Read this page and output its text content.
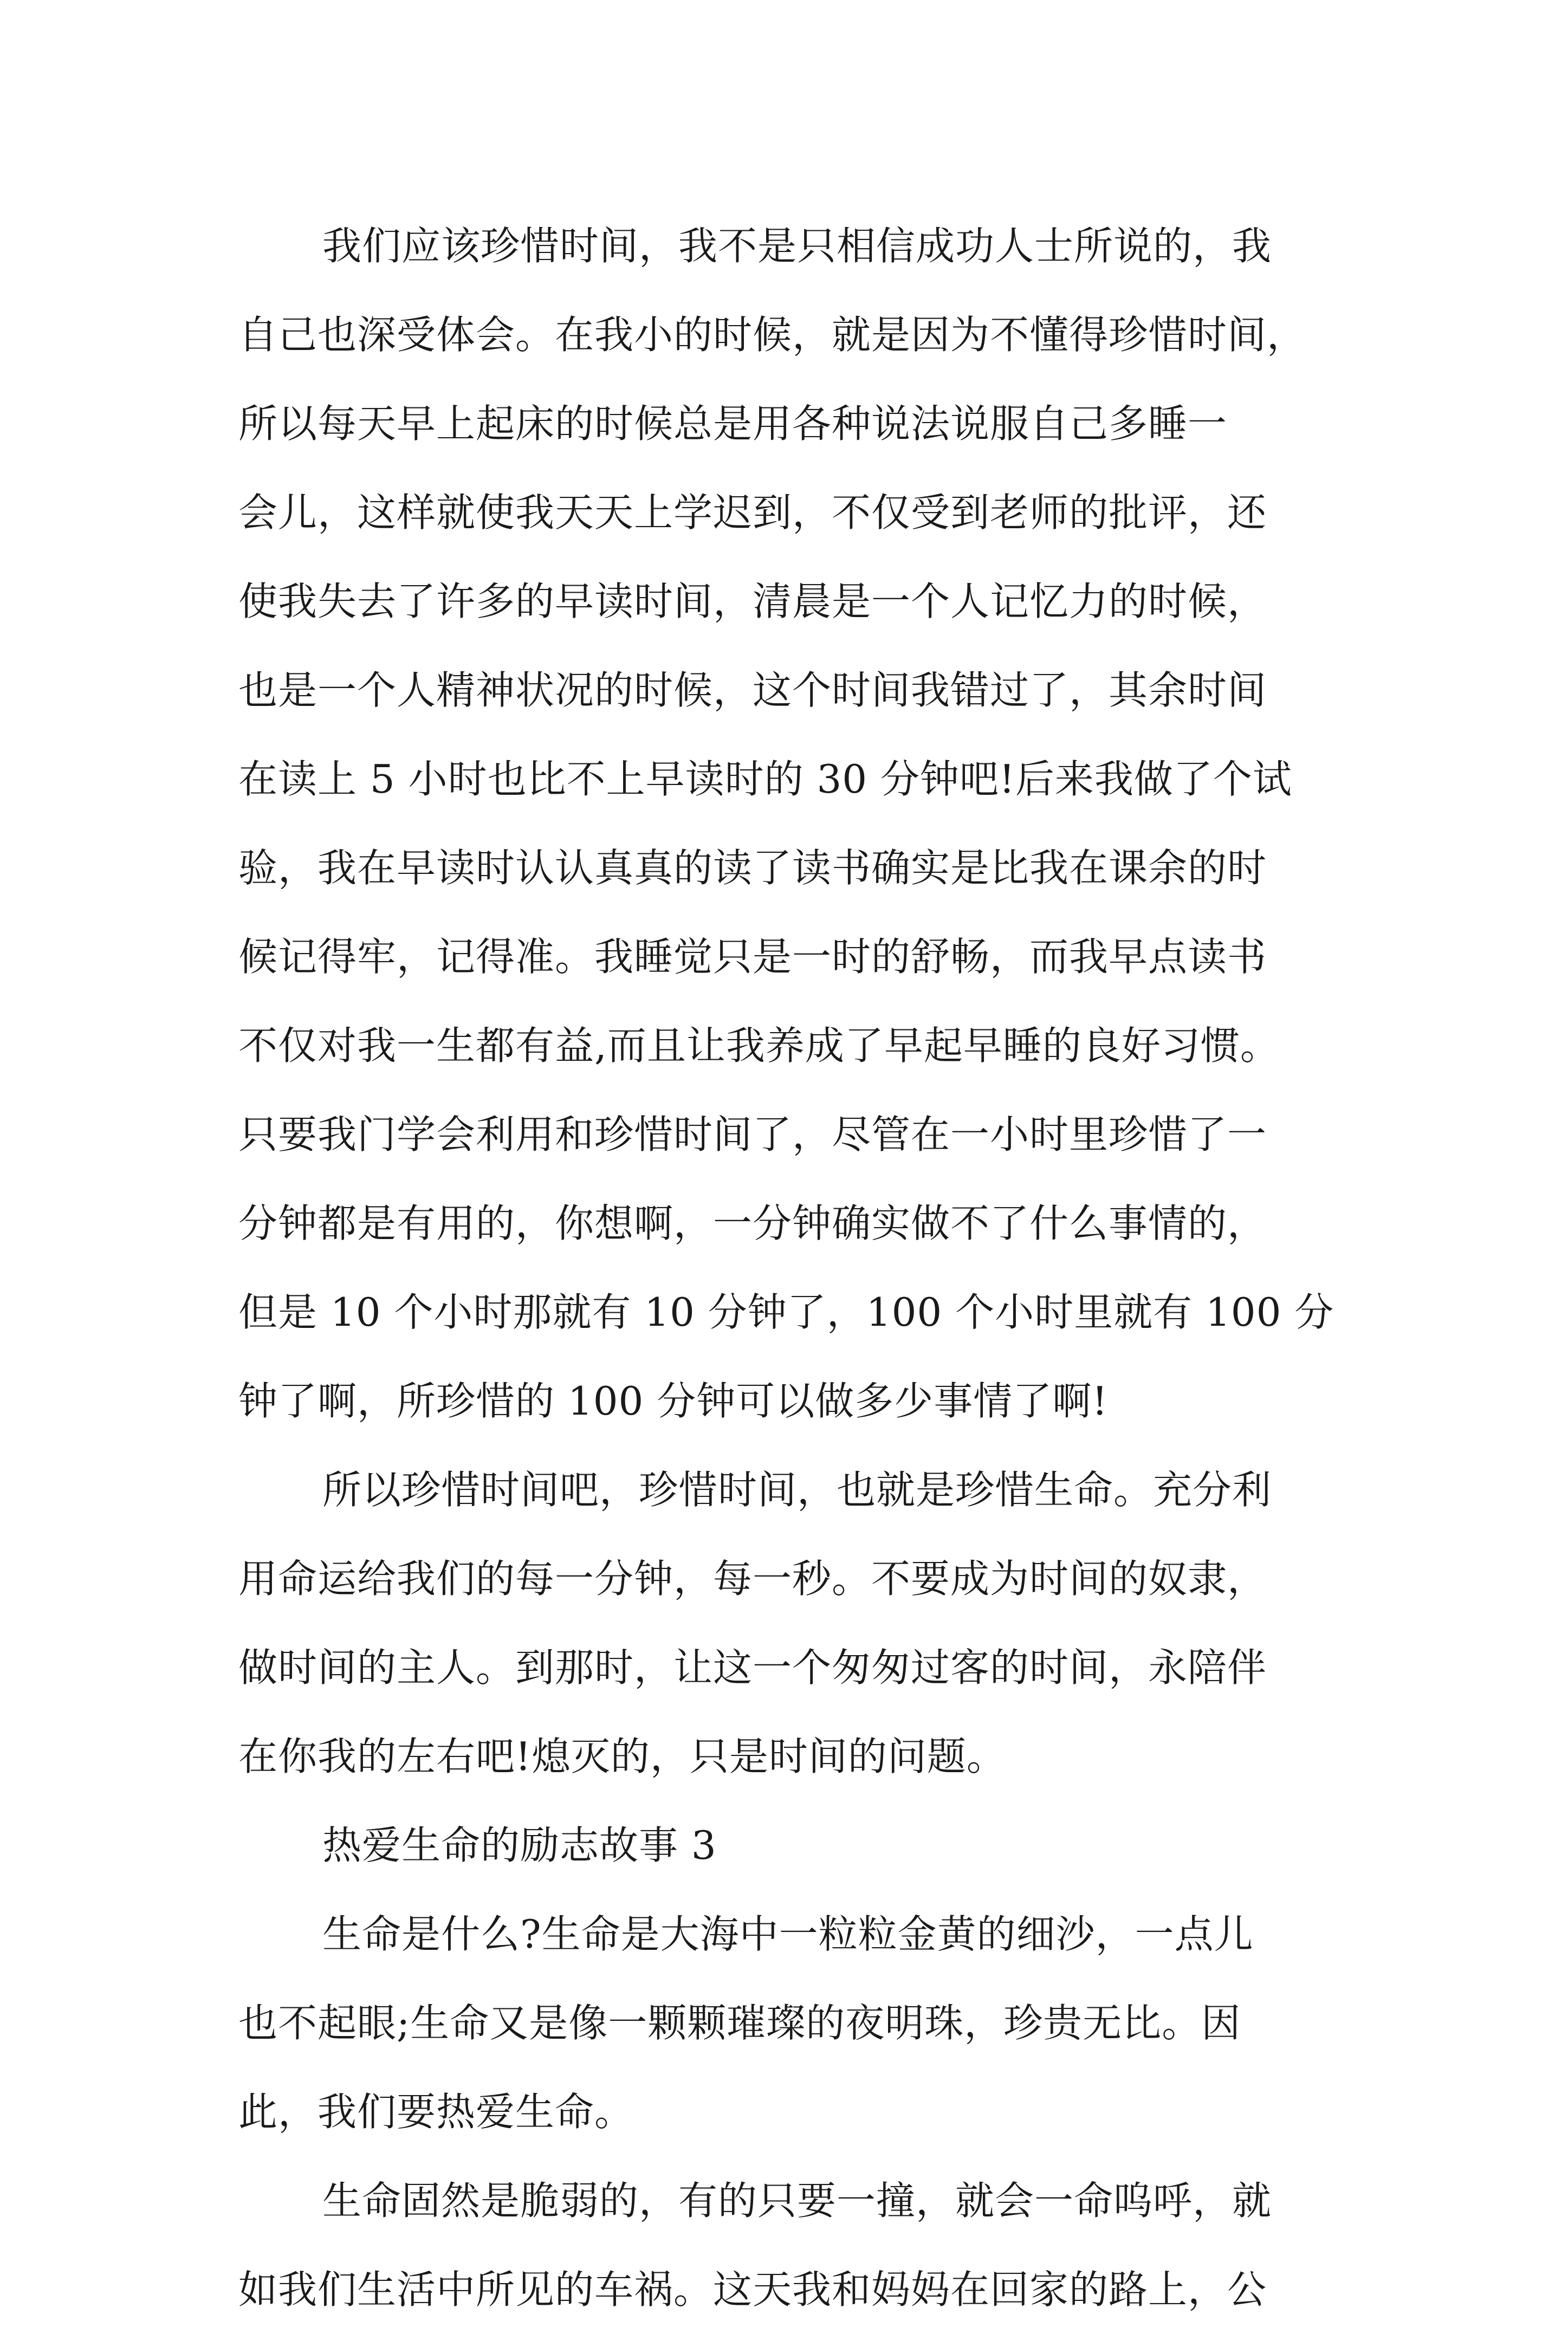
我们应该珍惜时间，我不是只相信成功人士所说的，我
自己也深受体会。在我小的时候，就是因为不懂得珍惜时间，
所以每天早上起床的时候总是用各种说法说服自己多睡一
会儿，这样就使我天天上学迟到，不仅受到老师的批评，还
使我失去了许多的早读时间，清晨是一个人记忆力的时候，
也是一个人精神状况的时候，这个时间我错过了，其余时间
在读上 5 小时也比不上早读时的 30 分钟吧!后来我做了个试
验，我在早读时认认真真的读了读书确实是比我在课余的时
候记得牢，记得准。我睡觉只是一时的舒畅，而我早点读书
不仅对我一生都有益,而且让我养成了早起早睡的良好习惯。
只要我门学会利用和珍惜时间了，尽管在一小时里珍惜了一
分钟都是有用的，你想啊，一分钟确实做不了什么事情的，
但是 10 个小时那就有 10 分钟了，100 个小时里就有 100 分
钟了啊，所珍惜的 100 分钟可以做多少事情了啊!
所以珍惜时间吧，珍惜时间，也就是珍惜生命。充分利
用命运给我们的每一分钟，每一秒。不要成为时间的奴隶，
做时间的主人。到那时，让这一个匆匆过客的时间，永陪伴
在你我的左右吧!熄灭的，只是时间的问题。
热爱生命的励志故事 3
生命是什么?生命是大海中一粒粒金黄的细沙，一点儿
也不起眼;生命又是像一颗颗璀璨的夜明珠，珍贵无比。因
此，我们要热爱生命。
生命固然是脆弱的，有的只要一撞，就会一命呜呼，就
如我们生活中所见的车祸。这天我和妈妈在回家的路上，公
